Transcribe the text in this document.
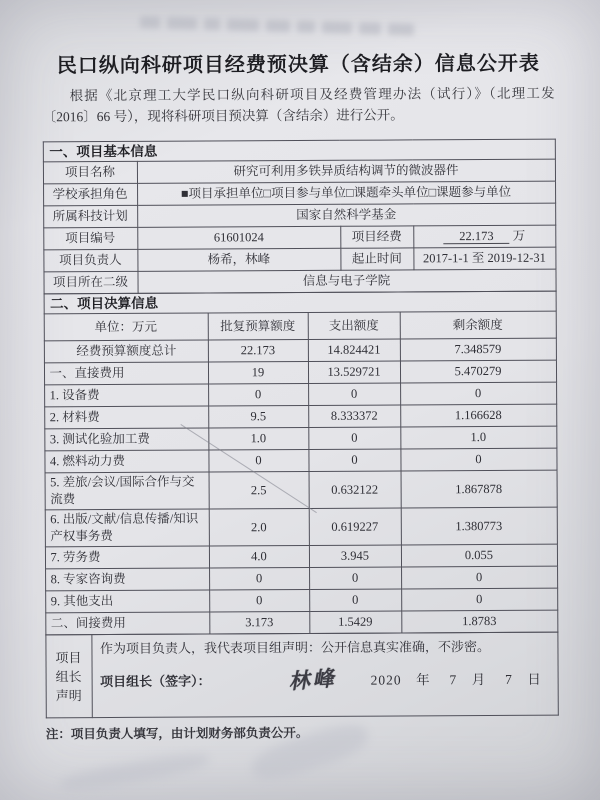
民口纵向科研项目经费预决算（含结余）信息公开表

根据《北京理工大学民口纵向科研项目及经费管理办法（试行）》（北理工发〔2016〕66 号），现将科研项目预决算（含结余）进行公开。

一、项目基本信息			
项目名称	研究可利用多铁异质结构调节的微波器件		
学校承担角色	■项目承担单位□项目参与单位□课题牵头单位□课题参与单位		
所属科技计划	国家自然科学基金		
项目编号	61601024	项目经费	22.173 万
项目负责人	杨希，林峰	起止时间	2017-1-1 至 2019-12-31
项目所在二级	信息与电子学院		
二、项目决算信息			
单位：万元	批复预算额度	支出额度	剩余额度
经费预算额度总计	22.173	14.824421	7.348579
一、直接费用	19	13.529721	5.470279
1. 设备费	0	0	0
2. 材料费	9.5	8.333372	1.166628
3. 测试化验加工费	1.0	0	1.0
4. 燃料动力费	0	0	0
5. 差旅/会议/国际合作与交流费	2.5	0.632122	1.867878
6. 出版/文献/信息传播/知识产权事务费	2.0	0.619227	1.380773
7. 劳务费	4.0	3.945	0.055
8. 专家咨询费	0	0	0
9. 其他支出	0	0	0
二、间接费用	3.173	1.5429	1.8783
项目
组长
声明	
作为项目负责人，我代表项目组声明：公开信息真实准确，不涉密。
项目组长（签字）：	林峰 2020　年　 7　月　 7　日

注：项目负责人填写，由计划财务部负责公开。
